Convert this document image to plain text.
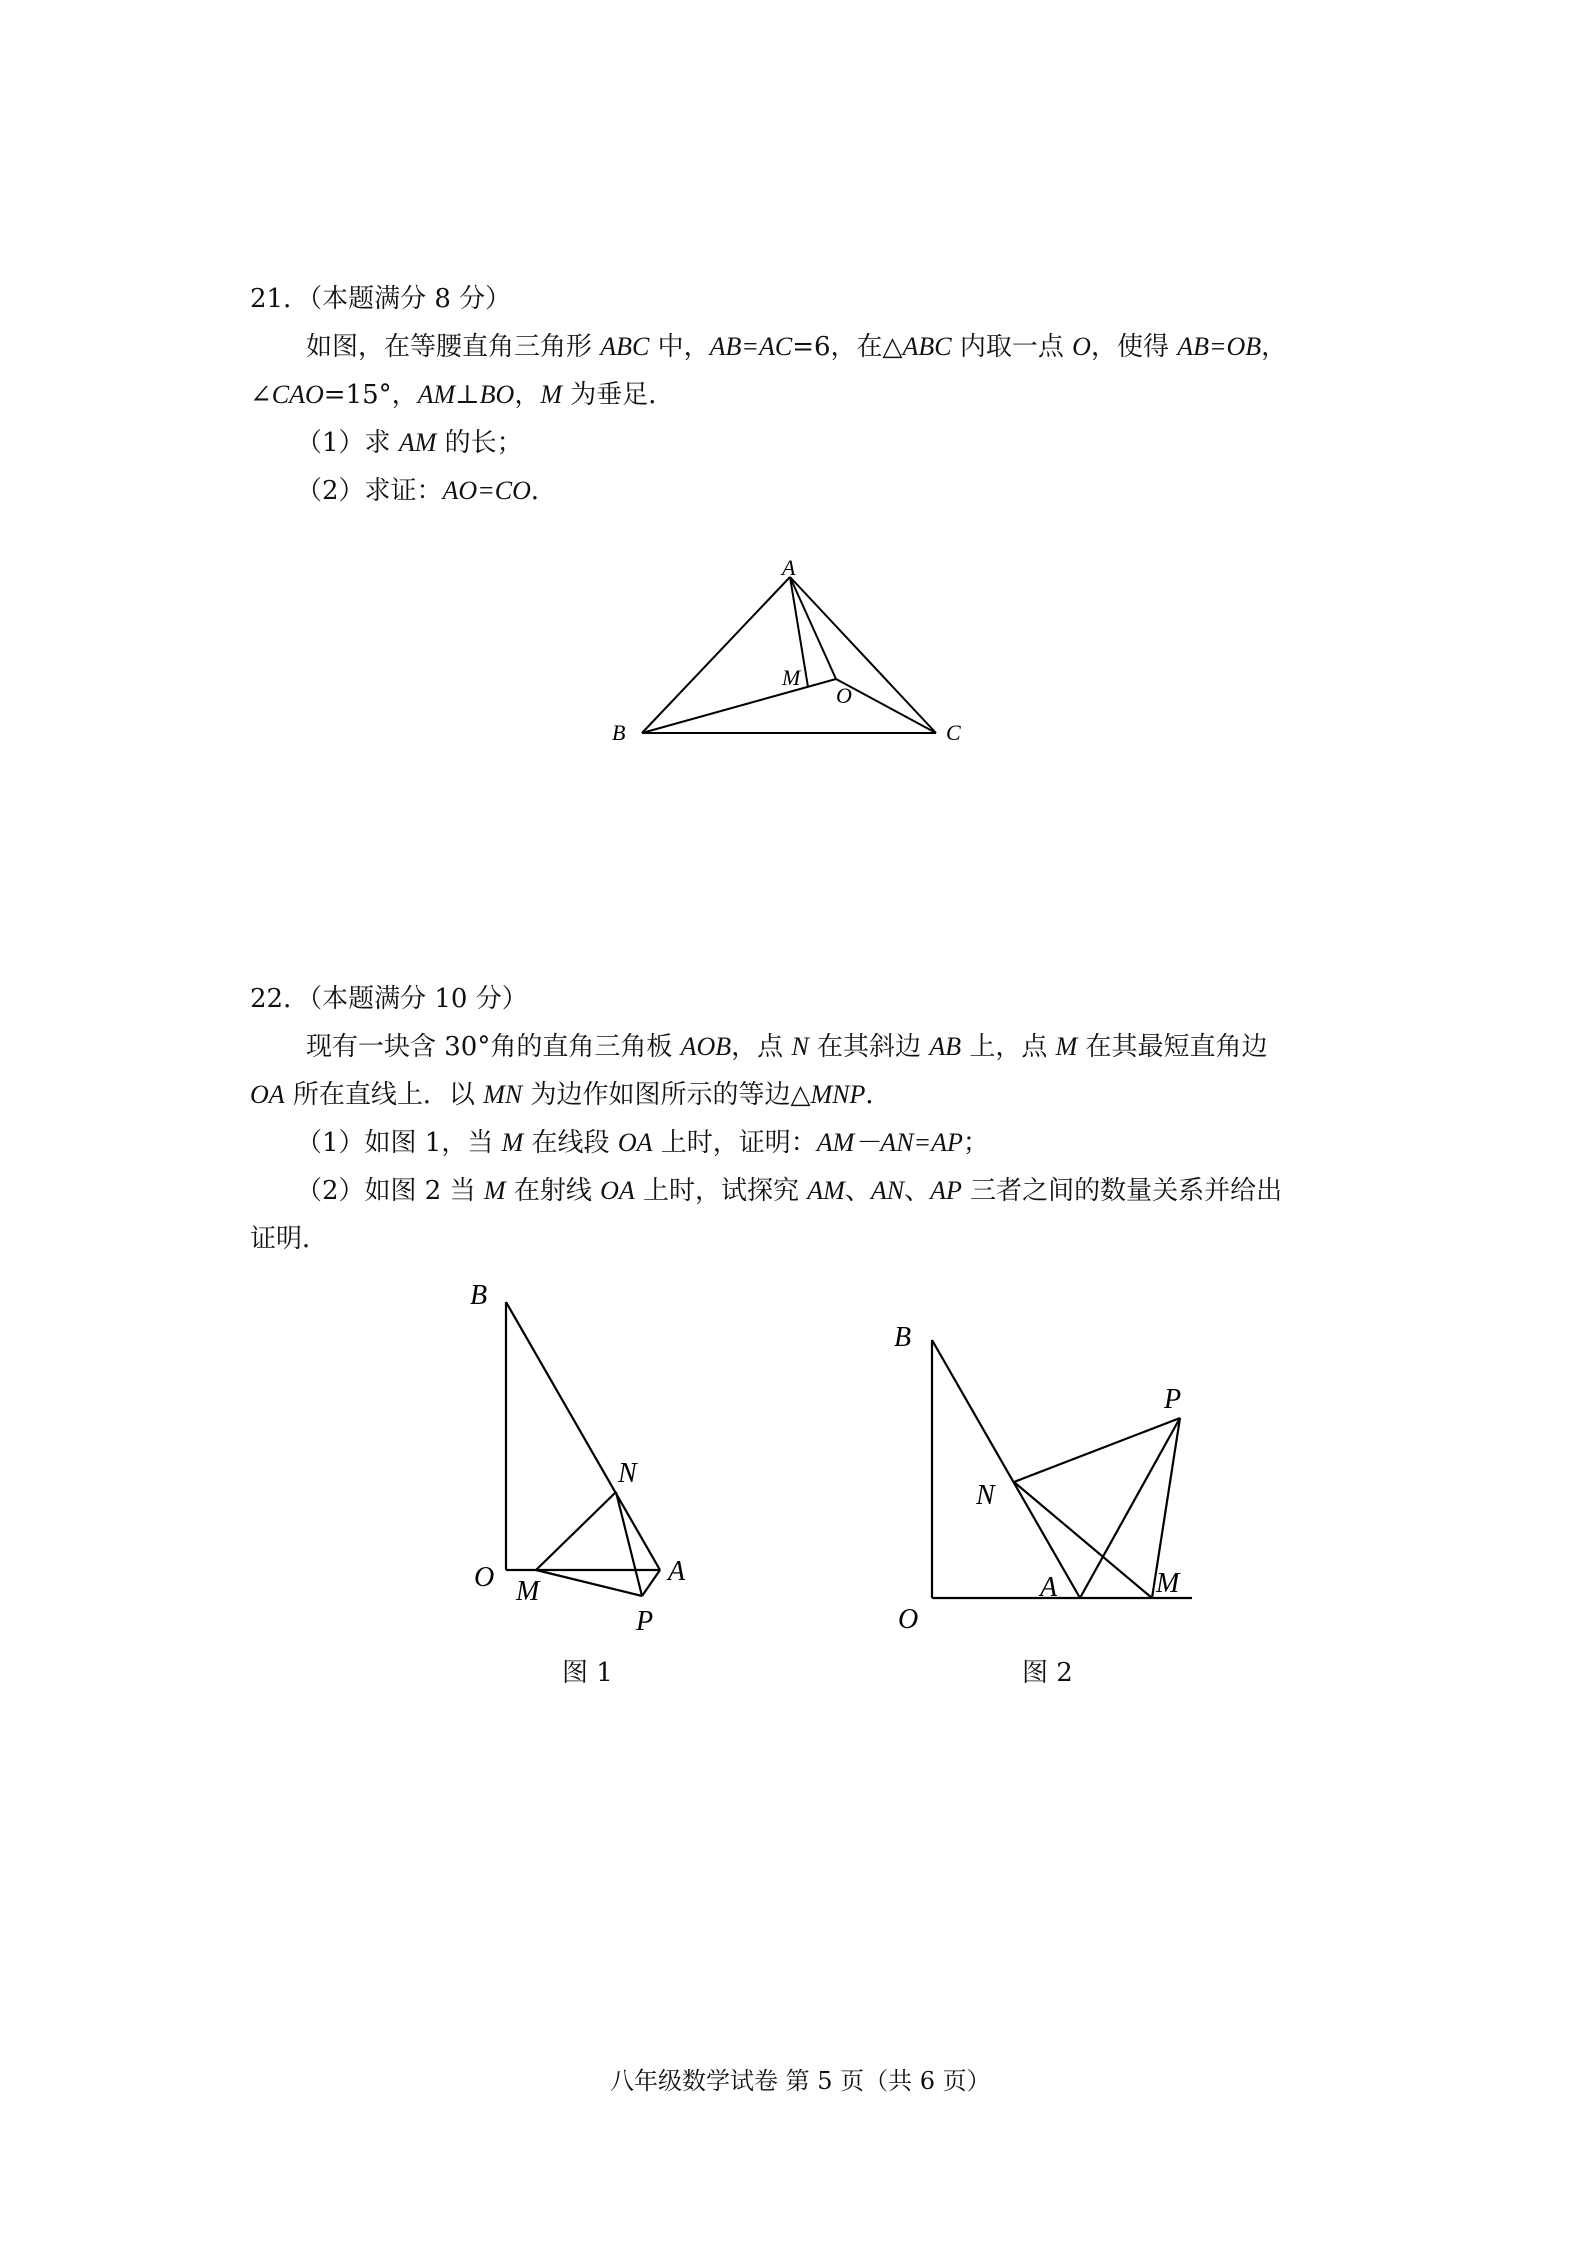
21．（本题满分 8 分）
如图，在等腰直角三角形 ABC 中，AB=AC=6，在△ABC 内取一点 O，使得 AB=OB，
∠CAO=15°，AM⊥BO，M 为垂足．
（1）求 AM 的长；
（2）求证：AO=CO．
A
B	C
M
O
22．（本题满分 10 分）
现有一块含 30°角的直角三角板 AOB，点 N 在其斜边 AB 上，点 M 在其最短直角边
OA 所在直线上．以 MN 为边作如图所示的等边△MNP．
（1）如图 1，当 M 在线段 OA 上时，证明：AM－AN=AP；
（2）如图 2 当 M 在射线 OA 上时，试探究 AM、AN、AP 三者之间的数量关系并给出
证明．
B
N
O M
A
P
图 1
B
P
N
O
A	M
图 2
八年级数学试卷 第 5 页（共 6 页）
